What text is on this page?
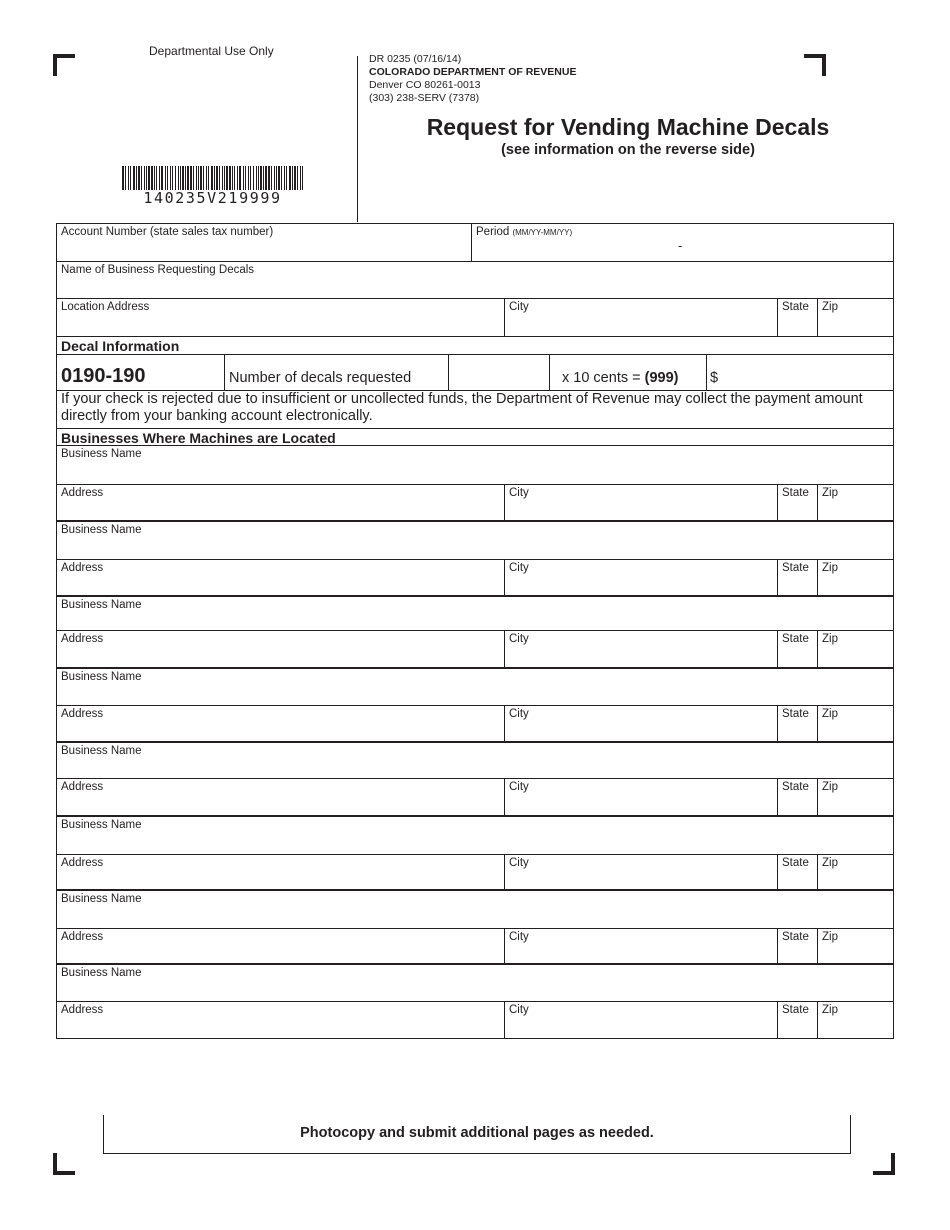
Departmental Use Only
DR 0235 (07/16/14)
COLORADO DEPARTMENT OF REVENUE
Denver CO 80261-0013
(303) 238-SERV (7378)
Request for Vending Machine Decals
(see information on the reverse side)
140235V219999
Account Number (state sales tax number)	Period (MM/YY-MM/YY)
-
Name of Business Requesting Decals
Location Address	City	State Zip
Decal Information
0190-190	Number of decals requested	x 10 cents = (999) $
If your check is rejected due to insufficient or uncollected funds, the Department of Revenue may collect the payment amount directly from your banking account electronically.
Businesses Where Machines are Located
Business Name
Address	City	State Zip
Business Name
Address	City	State Zip
Business Name
Address	City	State Zip
Business Name
Address	City	State Zip
Business Name
Address	City	State Zip
Business Name
Address	City	State Zip
Business Name
Address	City	State Zip
Business Name
Address	City	State Zip
Photocopy and submit additional pages as needed.
